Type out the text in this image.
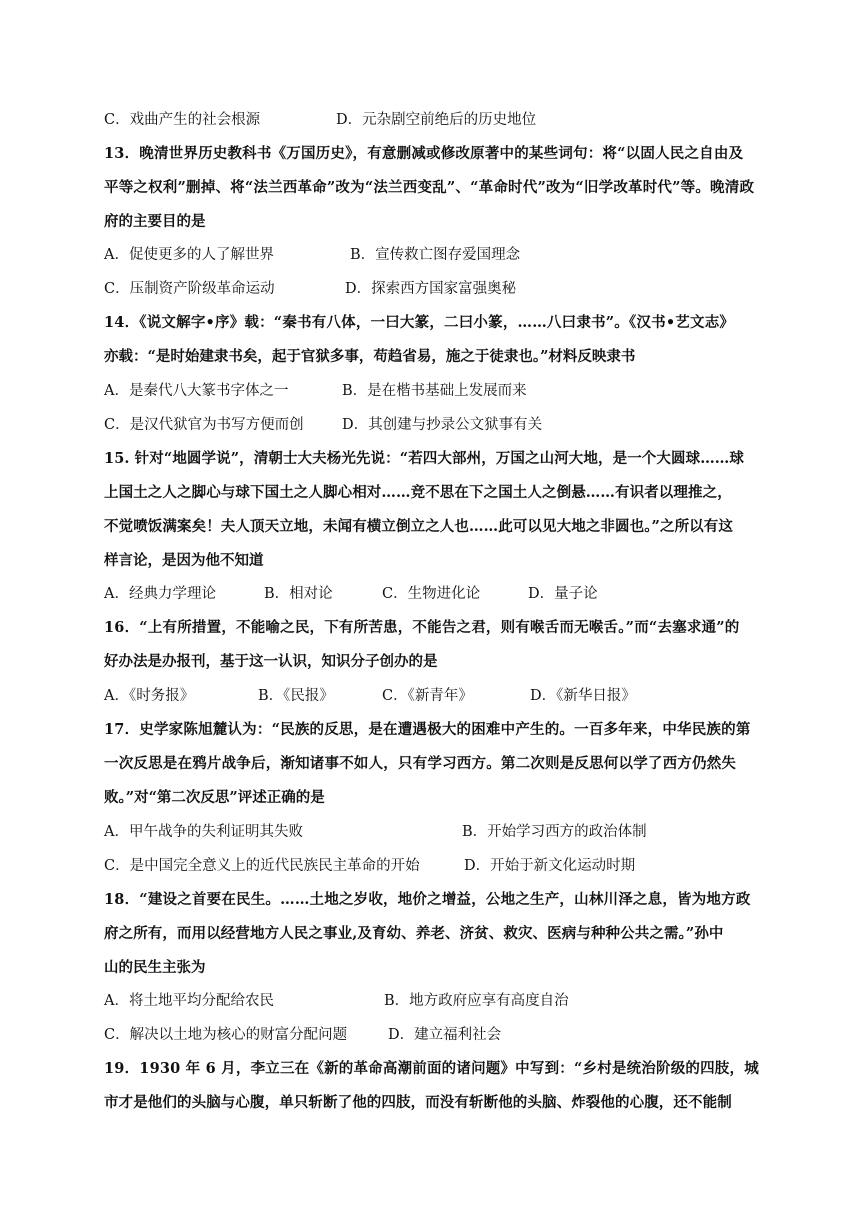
C．戏曲产生的社会根源	D．元杂剧空前绝后的历史地位
13．晚清世界历史教科书《万国历史》，有意删减或修改原著中的某些词句：将“以固人民之自由及
平等之权利”删掉、将“法兰西革命”改为“法兰西变乱”、“革命时代”改为“旧学改革时代”等。晚清政
府的主要目的是
A．促使更多的人了解世界	B．宣传救亡图存爱国理念
C．压制资产阶级革命运动	D．探索西方国家富强奥秘
14．《说文解字•序》载：“秦书有八体，一曰大篆，二曰小篆，……八曰隶书”。《汉书•艺文志》
亦载：“是时始建隶书矣，起于官狱多事，苟趋省易，施之于徒隶也。”材料反映隶书
A．是秦代八大篆书字体之一	B．是在楷书基础上发展而来
C．是汉代狱官为书写方便而创	D．其创建与抄录公文狱事有关
15. 针对“地圆学说”，清朝士大夫杨光先说：“若四大部州，万国之山河大地，是一个大圆球……球
上国土之人之脚心与球下国土之人脚心相对……竞不思在下之国土人之倒悬……有识者以理推之，
不觉喷饭满案矣！夫人顶天立地，未闻有横立倒立之人也……此可以见大地之非圆也。”之所以有这
样言论，是因为他不知道
A．经典力学理论	B．相对论	C．生物进化论	D．量子论
16．“上有所措置，不能喻之民，下有所苦患，不能告之君，则有喉舌而无喉舌。”而“去塞求通”的
好办法是办报刊，基于这一认识，知识分子创办的是
A．《时务报》	B．《民报》	C．《新青年》	D．《新华日报》
17．史学家陈旭麓认为：“民族的反思，是在遭遇极大的困难中产生的。一百多年来，中华民族的第
一次反思是在鸦片战争后，渐知诸事不如人，只有学习西方。第二次则是反思何以学了西方仍然失
败。”对“第二次反思”评述正确的是
A．甲午战争的失利证明其失败	B．开始学习西方的政治体制
C．是中国完全意义上的近代民族民主革命的开始	D．开始于新文化运动时期
18．“建设之首要在民生。……土地之岁收，地价之增益，公地之生产，山林川泽之息，皆为地方政
府之所有，而用以经营地方人民之事业,及育幼、养老、济贫、救灾、医病与种种公共之需。”孙中
山的民生主张为
A．将土地平均分配给农民	B．地方政府应享有高度自治
C．解决以土地为核心的财富分配问题	D．建立福利社会
19．1930 年 6 月，李立三在《新的革命高潮前面的诸问题》中写到：“乡村是统治阶级的四肢，城
市才是他们的头脑与心腹，单只斩断了他的四肢，而没有斩断他的头脑、炸裂他的心腹，还不能制
